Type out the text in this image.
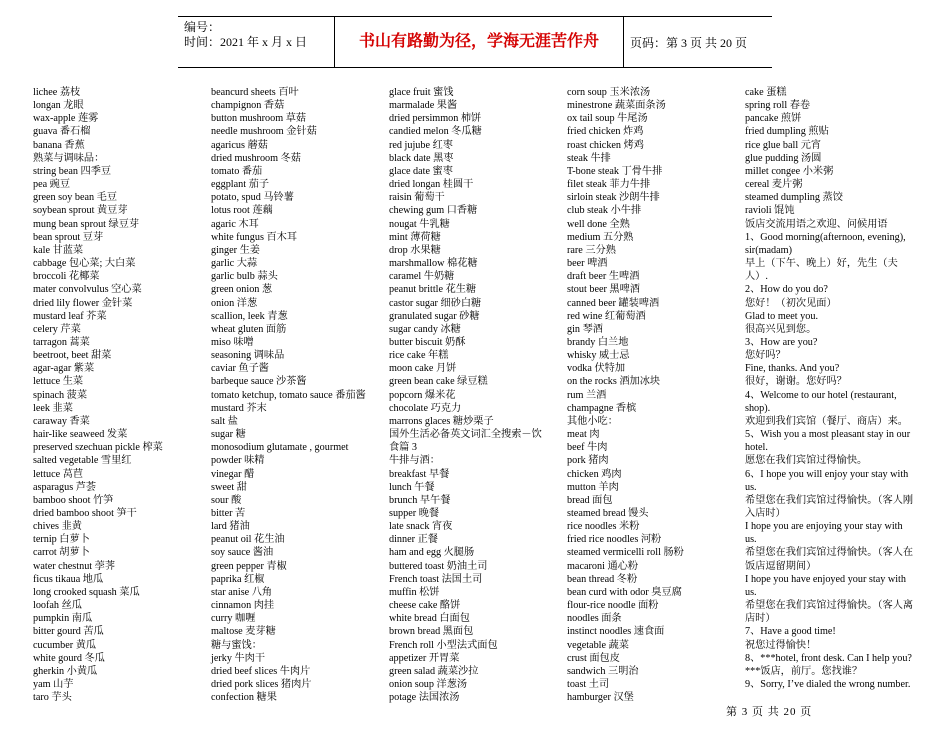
编号：
时间：2021 年 x 月 x 日	书山有路勤为径，学海无涯苦作舟	页码：第 3 页 共 20 页
lichee 荔枝
longan 龙眼
wax-apple 莲雾
guava 番石榴
banana 香蕉
熟菜与调味品：
string bean 四季豆
pea 豌豆
green soy bean 毛豆
soybean sprout 黄豆芽
mung bean sprout 绿豆芽
bean sprout 豆芽
kale 甘蓝菜
cabbage 包心菜; 大白菜
broccoli 花椰菜
mater convolvulus 空心菜
dried lily flower 金针菜
mustard leaf 芥菜
celery 芹菜
tarragon 蒿菜
beetroot, beet 甜菜
agar-agar 紫菜
lettuce 生菜
spinach 菠菜
leek 韭菜
caraway 香菜
hair-like seaweed 发菜
preserved szechuan pickle 榨菜
salted vegetable 雪里红
lettuce 莴苣
asparagus 芦荟
bamboo shoot 竹笋
dried bamboo shoot 笋干
chives 韭黄
ternip 白萝卜
carrot 胡萝卜
water chestnut 荸荠
ficus tikaua 地瓜
long crooked squash 菜瓜
loofah 丝瓜
pumpkin 南瓜
bitter gourd 苦瓜
cucumber 黄瓜
white gourd 冬瓜
gherkin 小黄瓜
yam 山芋
taro 芋头
beancurd sheets 百叶
champignon 香菇
button mushroom 草菇
needle mushroom 金针菇
agaricus 蘑菇
dried mushroom 冬菇
tomato 番茄
eggplant 茄子
potato, spud 马铃薯
lotus root 莲藕
agaric 木耳
white fungus 百木耳
ginger 生姜
garlic 大蒜
garlic bulb 蒜头
green onion 葱
onion 洋葱
scallion, leek 青葱
wheat gluten 面筋
miso 味噌
seasoning 调味品
caviar 鱼子酱
barbeque sauce 沙茶酱
tomato ketchup, tomato sauce 番茄酱
mustard 芥末
salt 盐
sugar 糖
monosodium glutamate , gourmet
powder 味精
vinegar 醋
sweet 甜
sour 酸
bitter 苦
lard 猪油
peanut oil 花生油
soy sauce 酱油
green pepper 青椒
paprika 红椒
star anise 八角
cinnamon 肉挂
curry 咖喱
maltose 麦芽糖
糖与蜜饯：
jerky 牛肉干
dried beef slices 牛肉片
dried pork slices 猪肉片
confection 糖果
glace fruit 蜜饯
marmalade 果酱
dried persimmon 柿饼
candied melon 冬瓜糖
red jujube 红枣
black date 黑枣
glace date 蜜枣
dried longan 桂圆干
raisin 葡萄干
chewing gum 口香糖
nougat 牛乳糖
mint 薄荷糖
drop 水果糖
marshmallow 棉花糖
caramel 牛奶糖
peanut brittle 花生糖
castor sugar 细砂白糖
granulated sugar 砂糖
sugar candy 冰糖
butter biscuit 奶酥
rice cake 年糕
moon cake 月饼
green bean cake 绿豆糕
popcorn 爆米花
chocolate 巧克力
marrons glaces 糖炒栗子
国外生活必备英文词汇全搜索－饮
食篇 3
牛排与酒：
breakfast 早餐
lunch 午餐
brunch 早午餐
supper 晚餐
late snack 宵夜
dinner 正餐
ham and egg 火腿肠
buttered toast 奶油土司
French toast 法国土司
muffin 松饼
cheese cake 酪饼
white bread 白面包
brown bread 黑面包
French roll 小型法式面包
appetizer 开胃菜
green salad 蔬菜沙拉
onion soup 洋葱汤
potage 法国浓汤
corn soup 玉米浓汤
minestrone 蔬菜面条汤
ox tail soup 牛尾汤
fried chicken 炸鸡
roast chicken 烤鸡
steak 牛排
T-bone steak 丁骨牛排
filet steak 菲力牛排
sirloin steak 沙朗牛排
club steak 小牛排
well done 全熟
medium 五分熟
rare 三分熟
beer 啤酒
draft beer 生啤酒
stout beer 黑啤酒
canned beer 罐装啤酒
red wine 红葡萄酒
gin 琴酒
brandy 白兰地
whisky 威士忌
vodka 伏特加
on the rocks 酒加冰块
rum 兰酒
champagne 香槟
其他小吃：
meat 肉
beef 牛肉
pork 猪肉
chicken 鸡肉
mutton 羊肉
bread 面包
steamed bread 馒头
rice noodles 米粉
fried rice noodles 河粉
steamed vermicelli roll 肠粉
macaroni 通心粉
bean thread 冬粉
bean curd with odor 臭豆腐
flour-rice noodle 面粉
noodles 面条
instinct noodles 速食面
vegetable 蔬菜
crust 面包皮
sandwich 三明治
toast 土司
hamburger 汉堡
cake 蛋糕
spring roll 春卷
pancake 煎饼
fried dumpling 煎贴
rice glue ball 元宵
glue pudding 汤圆
millet congee 小米粥
cereal 麦片粥
steamed dumpling 蒸饺
ravioli 馄饨
饭店交流用语之欢迎、问候用语
1、Good morning(afternoon, evening), sir(madam)
早上（下午、晚上）好，先生（夫人）.
2、How do you do?
您好！（初次见面）
Glad to meet you.
很高兴见到您。
3、How are you?
您好吗？
Fine, thanks. And you?
很好，谢谢。您好吗？
4、Welcome to our hotel (restaurant, shop).
欢迎到我们宾馆（餐厅、商店）来。
5、Wish you a most pleasant stay in our hotel.
愿您在我们宾馆过得愉快。
6、I hope you will enjoy your stay with us.
希望您在我们宾馆过得愉快。（客人刚入店时）
I hope you are enjoying your stay with us.
希望您在我们宾馆过得愉快。（客人在饭店逗留期间）
I hope you have enjoyed your stay with us.
希望您在我们宾馆过得愉快。（客人离店时）
7、Have a good time!
祝您过得愉快！
8、***hotel, front desk. Can I help you?
***饭店，前厅。您找谁？
9、Sorry, I’ve dialed the wrong number.
第 3 页 共 20 页
